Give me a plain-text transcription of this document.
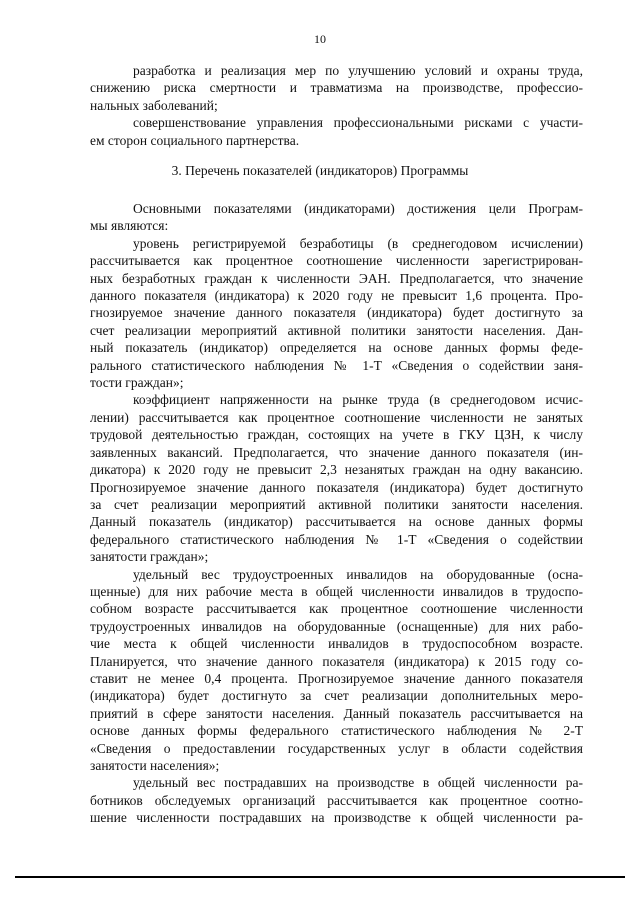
10
разработка и реализация мер по улучшению условий и охраны труда,
снижению риска смертности и травматизма на производстве, профессио-
нальных заболеваний;
совершенствование управления профессиональными рисками с участи-
ем сторон социального партнерства.
3. Перечень показателей (индикаторов) Программы
Основными показателями (индикаторами) достижения цели Програм-
мы являются:
уровень регистрируемой безработицы (в среднегодовом исчислении)
рассчитывается как процентное соотношение численности зарегистрирован-
ных безработных граждан к численности ЭАН. Предполагается, что значение
данного показателя (индикатора) к 2020 году не превысит 1,6 процента. Про-
гнозируемое значение данного показателя (индикатора) будет достигнуто за
счет реализации мероприятий активной политики занятости населения. Дан-
ный показатель (индикатор) определяется на основе данных формы феде-
рального статистического наблюдения № 1-Т «Сведения о содействии заня-
тости граждан»;
коэффициент напряженности на рынке труда (в среднегодовом исчис-
лении) рассчитывается как процентное соотношение численности не занятых
трудовой деятельностью граждан, состоящих на учете в ГКУ ЦЗН, к числу
заявленных вакансий. Предполагается, что значение данного показателя (ин-
дикатора) к 2020 году не превысит 2,3 незанятых граждан на одну вакансию.
Прогнозируемое значение данного показателя (индикатора) будет достигнуто
за счет реализации мероприятий активной политики занятости населения.
Данный показатель (индикатор) рассчитывается на основе данных формы
федерального статистического наблюдения № 1-Т «Сведения о содействии
занятости граждан»;
удельный вес трудоустроенных инвалидов на оборудованные (осна-
щенные) для них рабочие места в общей численности инвалидов в трудоспо-
собном возрасте рассчитывается как процентное соотношение численности
трудоустроенных инвалидов на оборудованные (оснащенные) для них рабо-
чие места к общей численности инвалидов в трудоспособном возрасте.
Планируется, что значение данного показателя (индикатора) к 2015 году со-
ставит не менее 0,4 процента. Прогнозируемое значение данного показателя
(индикатора) будет достигнуто за счет реализации дополнительных меро-
приятий в сфере занятости населения. Данный показатель рассчитывается на
основе данных формы федерального статистического наблюдения № 2-Т
«Сведения о предоставлении государственных услуг в области содействия
занятости населения»;
удельный вес пострадавших на производстве в общей численности ра-
ботников обследуемых организаций рассчитывается как процентное соотно-
шение численности пострадавших на производстве к общей численности ра-
